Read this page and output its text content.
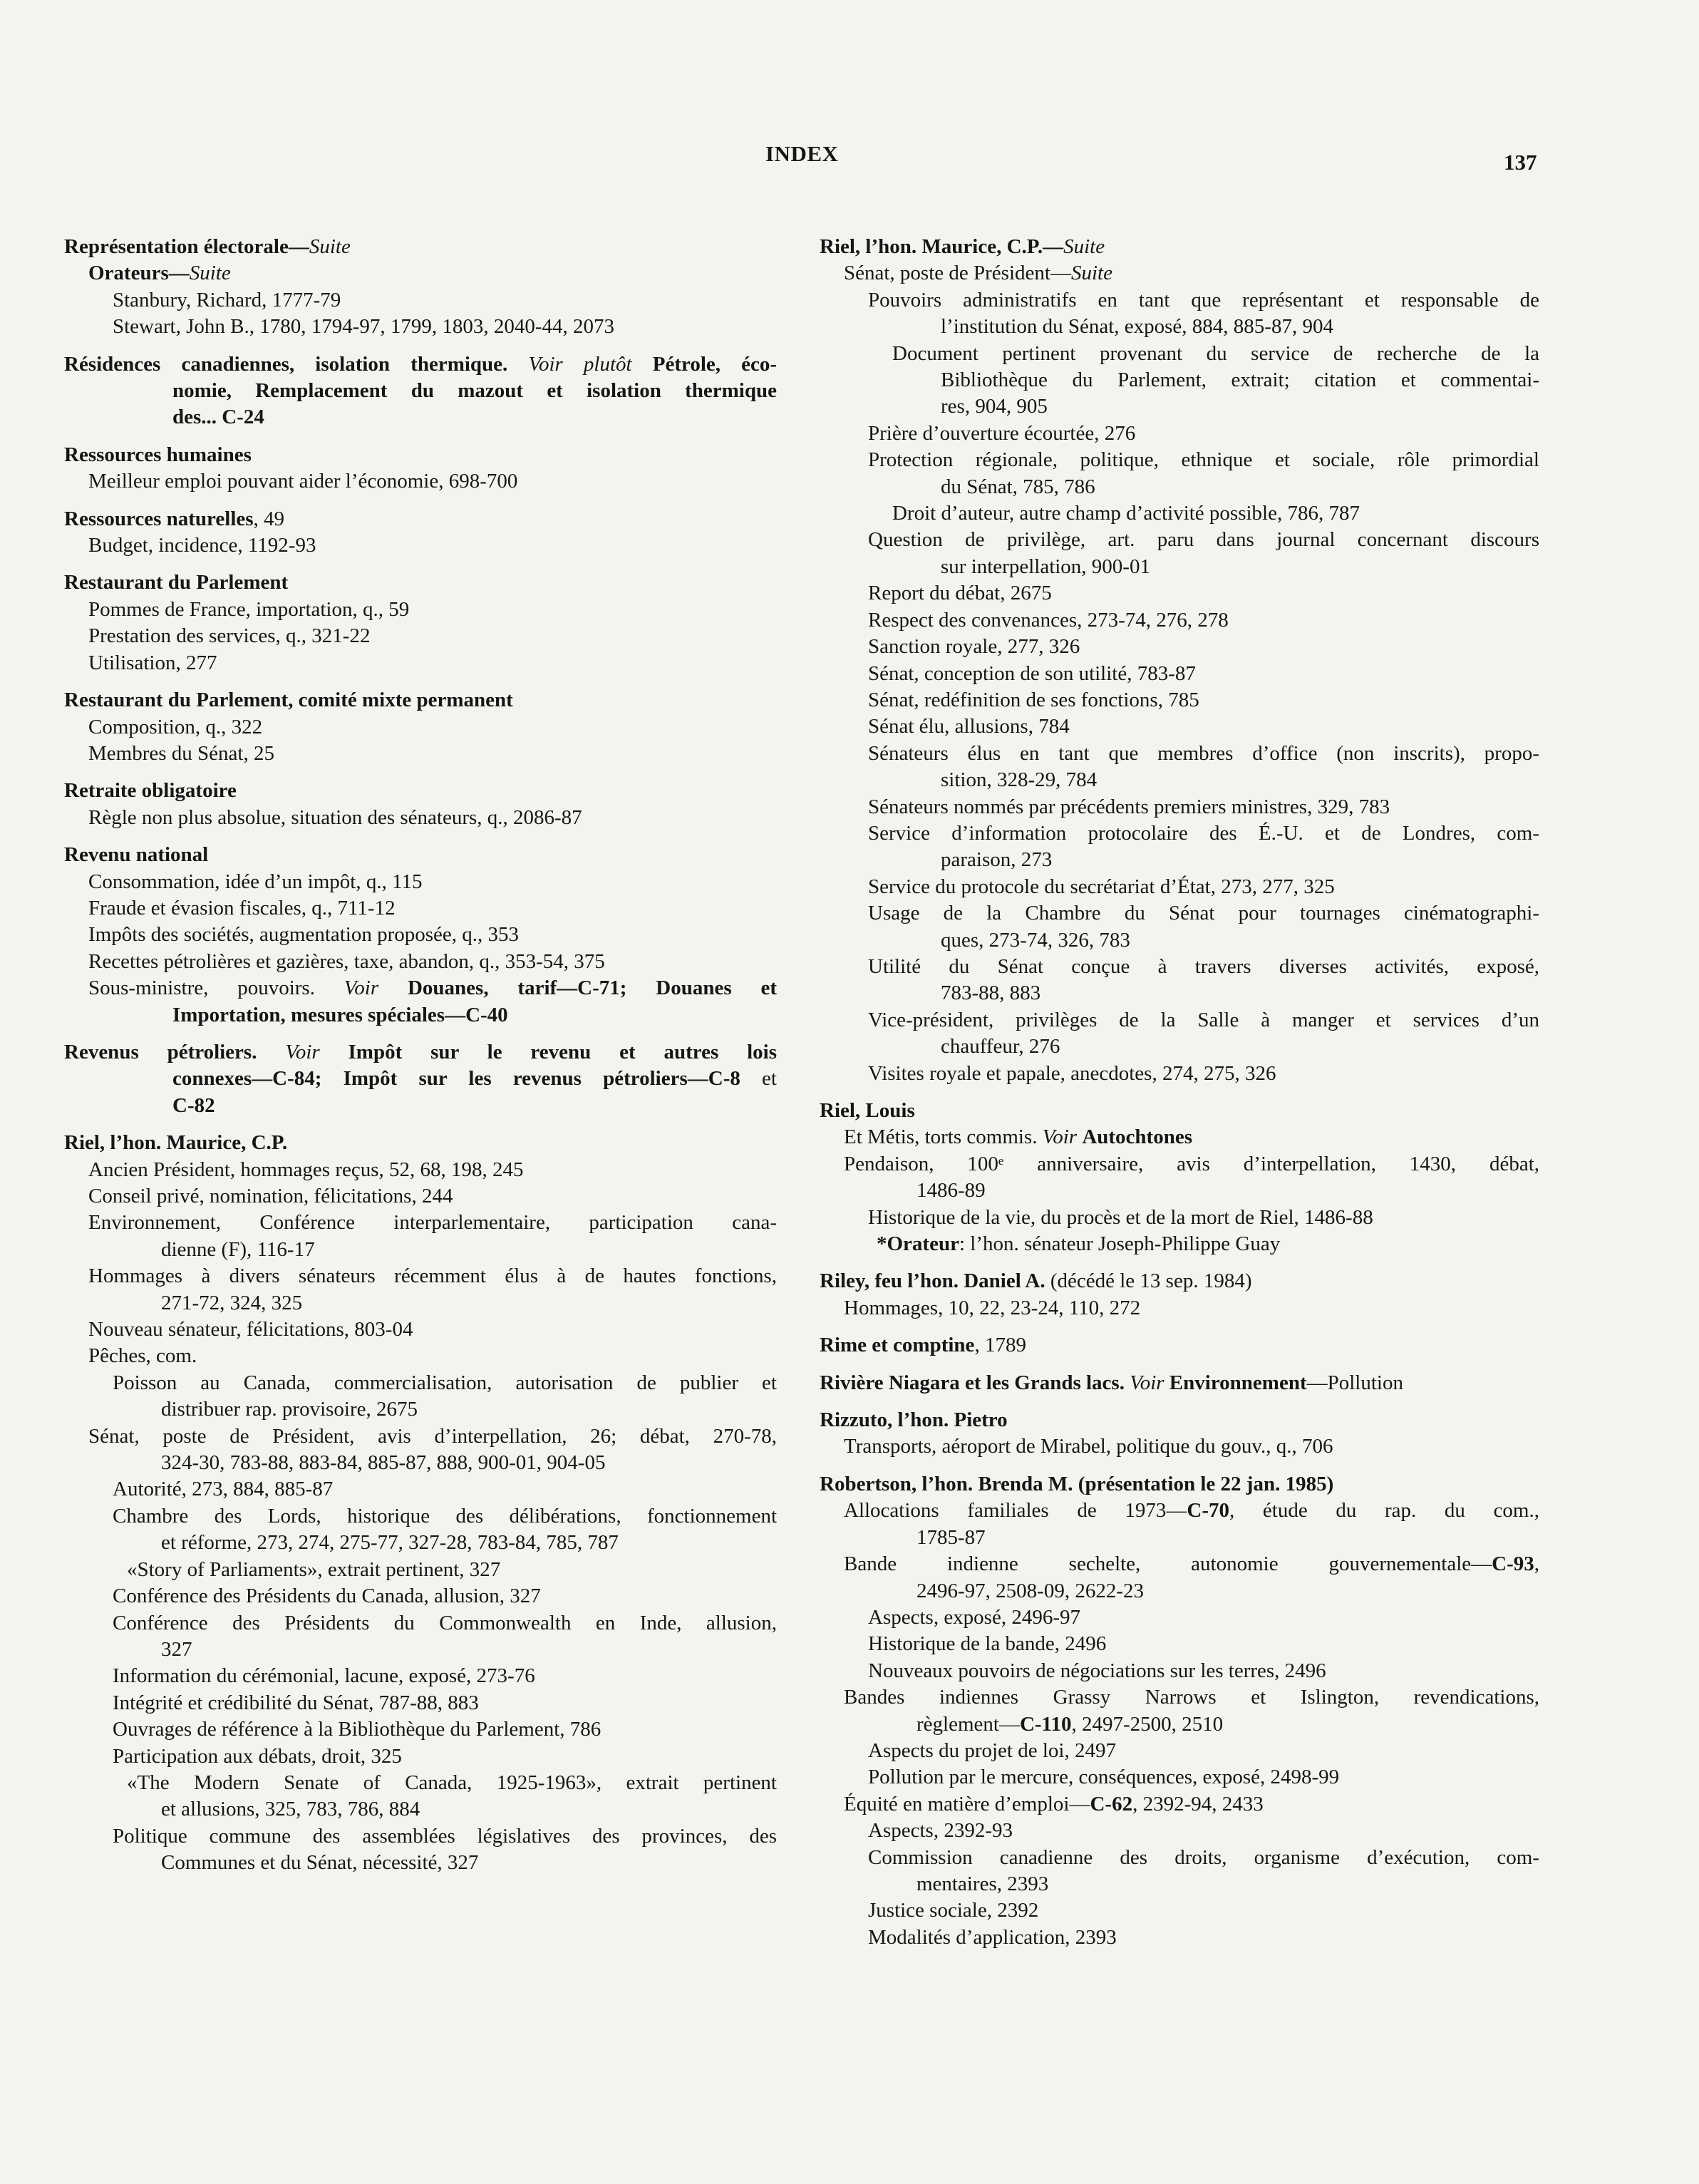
INDEX	137
Représentation électorale—Suite
Orateurs—Suite
Stanbury, Richard, 1777-79
Stewart, John B., 1780, 1794-97, 1799, 1803, 2040-44, 2073
Résidences canadiennes, isolation thermique. Voir plutôt Pétrole, éco-
nomie, Remplacement du mazout et isolation thermique
des... C-24
Ressources humaines
Meilleur emploi pouvant aider l’économie, 698-700
Ressources naturelles, 49
Budget, incidence, 1192-93
Restaurant du Parlement
Pommes de France, importation, q., 59
Prestation des services, q., 321-22
Utilisation, 277
Restaurant du Parlement, comité mixte permanent
Composition, q., 322
Membres du Sénat, 25
Retraite obligatoire
Règle non plus absolue, situation des sénateurs, q., 2086-87
Revenu national
Consommation, idée d’un impôt, q., 115
Fraude et évasion fiscales, q., 711-12
Impôts des sociétés, augmentation proposée, q., 353
Recettes pétrolières et gazières, taxe, abandon, q., 353-54, 375
Sous-ministre, pouvoirs. Voir Douanes, tarif—C-71; Douanes et
Importation, mesures spéciales—C-40
Revenus pétroliers. Voir Impôt sur le revenu et autres lois
connexes—C-84; Impôt sur les revenus pétroliers—C-8 et
C-82
Riel, l’hon. Maurice, C.P.
Ancien Président, hommages reçus, 52, 68, 198, 245
Conseil privé, nomination, félicitations, 244
Environnement, Conférence interparlementaire, participation cana-
dienne (F), 116-17
Hommages à divers sénateurs récemment élus à de hautes fonctions,
271-72, 324, 325
Nouveau sénateur, félicitations, 803-04
Pêches, com.
Poisson au Canada, commercialisation, autorisation de publier et
distribuer rap. provisoire, 2675
Sénat, poste de Président, avis d’interpellation, 26; débat, 270-78,
324-30, 783-88, 883-84, 885-87, 888, 900-01, 904-05
Autorité, 273, 884, 885-87
Chambre des Lords, historique des délibérations, fonctionnement
et réforme, 273, 274, 275-77, 327-28, 783-84, 785, 787
«Story of Parliaments», extrait pertinent, 327
Conférence des Présidents du Canada, allusion, 327
Conférence des Présidents du Commonwealth en Inde, allusion,
327
Information du cérémonial, lacune, exposé, 273-76
Intégrité et crédibilité du Sénat, 787-88, 883
Ouvrages de référence à la Bibliothèque du Parlement, 786
Participation aux débats, droit, 325
«The Modern Senate of Canada, 1925-1963», extrait pertinent
et allusions, 325, 783, 786, 884
Politique commune des assemblées législatives des provinces, des
Communes et du Sénat, nécessité, 327
Riel, l’hon. Maurice, C.P.—Suite
Sénat, poste de Président—Suite
Pouvoirs administratifs en tant que représentant et responsable de
l’institution du Sénat, exposé, 884, 885-87, 904
Document pertinent provenant du service de recherche de la
Bibliothèque du Parlement, extrait; citation et commentai-
res, 904, 905
Prière d’ouverture écourtée, 276
Protection régionale, politique, ethnique et sociale, rôle primordial
du Sénat, 785, 786
Droit d’auteur, autre champ d’activité possible, 786, 787
Question de privilège, art. paru dans journal concernant discours
sur interpellation, 900-01
Report du débat, 2675
Respect des convenances, 273-74, 276, 278
Sanction royale, 277, 326
Sénat, conception de son utilité, 783-87
Sénat, redéfinition de ses fonctions, 785
Sénat élu, allusions, 784
Sénateurs élus en tant que membres d’office (non inscrits), propo-
sition, 328-29, 784
Sénateurs nommés par précédents premiers ministres, 329, 783
Service d’information protocolaire des É.-U. et de Londres, com-
paraison, 273
Service du protocole du secrétariat d’État, 273, 277, 325
Usage de la Chambre du Sénat pour tournages cinématographi-
ques, 273-74, 326, 783
Utilité du Sénat conçue à travers diverses activités, exposé,
783-88, 883
Vice-président, privilèges de la Salle à manger et services d’un
chauffeur, 276
Visites royale et papale, anecdotes, 274, 275, 326
Riel, Louis
Et Métis, torts commis. Voir Autochtones
Pendaison, 100ᵉ anniversaire, avis d’interpellation, 1430, débat,
1486-89
Historique de la vie, du procès et de la mort de Riel, 1486-88
*Orateur: l’hon. sénateur Joseph-Philippe Guay
Riley, feu l’hon. Daniel A. (décédé le 13 sep. 1984)
Hommages, 10, 22, 23-24, 110, 272
Rime et comptine, 1789
Rivière Niagara et les Grands lacs. Voir Environnement—Pollution
Rizzuto, l’hon. Pietro
Transports, aéroport de Mirabel, politique du gouv., q., 706
Robertson, l’hon. Brenda M. (présentation le 22 jan. 1985)
Allocations familiales de 1973—C-70, étude du rap. du com.,
1785-87
Bande indienne sechelte, autonomie gouvernementale—C-93,
2496-97, 2508-09, 2622-23
Aspects, exposé, 2496-97
Historique de la bande, 2496
Nouveaux pouvoirs de négociations sur les terres, 2496
Bandes indiennes Grassy Narrows et Islington, revendications,
règlement—C-110, 2497-2500, 2510
Aspects du projet de loi, 2497
Pollution par le mercure, conséquences, exposé, 2498-99
Équité en matière d’emploi—C-62, 2392-94, 2433
Aspects, 2392-93
Commission canadienne des droits, organisme d’exécution, com-
mentaires, 2393
Justice sociale, 2392
Modalités d’application, 2393
